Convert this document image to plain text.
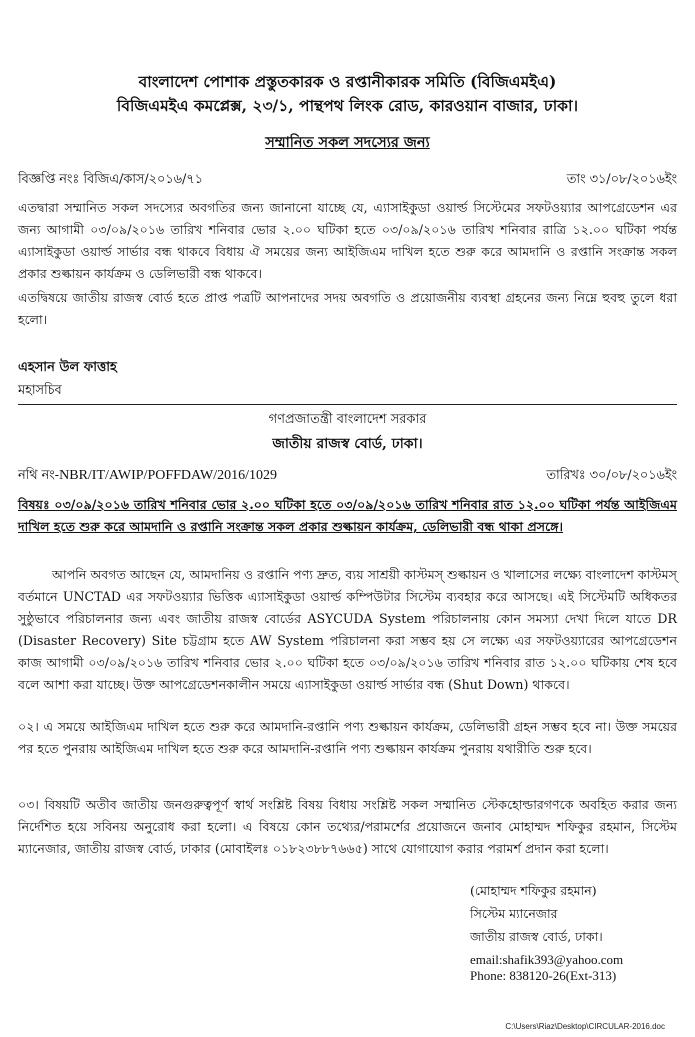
বাংলাদেশ পোশাক প্রস্তুতকারক ও রপ্তানীকারক সমিতি (বিজিএমইএ)
বিজিএমইএ কমপ্লেক্স, ২৩/১, পান্থপথ লিংক রোড, কারওয়ান বাজার, ঢাকা।
সম্মানিত সকল সদস্যের জন্য
বিজ্ঞপ্তি নংঃ বিজিএ/কাস/২০১৬/৭১	তাং ৩১/০৮/২০১৬ইং
এতদ্বারা সম্মানিত সকল সদস্যের অবগতির জন্য জানানো যাচ্ছে যে, এ্যাসাইকুডা ওয়ার্ল্ড সিস্টেমের সফটওয়্যার আপগ্রেডেশন এর জন্য আগামী ০৩/০৯/২০১৬ তারিখ শনিবার ভোর ২.০০ ঘটিকা হতে ০৩/০৯/২০১৬ তারিখ শনিবার রাত্রি ১২.০০ ঘটিকা পর্যন্ত এ্যাসাইকুডা ওয়ার্ল্ড সার্ভার বন্ধ থাকবে বিধায় ঐ সময়ের জন্য আইজিএম দাখিল হতে শুরু করে আমদানি ও রপ্তানি সংক্রান্ত সকল প্রকার শুল্কায়ন কার্যক্রম ও ডেলিভারী বন্ধ থাকবে।
এতদ্বিষয়ে জাতীয় রাজস্ব বোর্ড হতে প্রাপ্ত পত্রটি আপনাদের সদয় অবগতি ও প্রয়োজনীয় ব্যবস্থা গ্রহনের জন্য নিম্নে হুবহু তুলে ধরা হলো।
এহসান উল ফাত্তাহ
মহাসচিব
গণপ্রজাতন্ত্রী বাংলাদেশ সরকার
জাতীয় রাজস্ব বোর্ড, ঢাকা।
নথি নং-NBR/IT/AWIP/POFFDAW/2016/1029	তারিখঃ ৩০/০৮/২০১৬ইং
বিষয়ঃ ০৩/০৯/২০১৬ তারিখ শনিবার ভোর ২.০০ ঘটিকা হতে ০৩/০৯/২০১৬ তারিখ শনিবার রাত ১২.০০ ঘটিকা পর্যন্ত আইজিএম দাখিল হতে শুরু করে আমদানি ও রপ্তানি সংক্রান্ত সকল প্রকার শুল্কায়ন কার্যক্রম, ডেলিভারী বন্ধ থাকা প্রসঙ্গে।
আপনি অবগত আছেন যে, আমদানিয় ও রপ্তানি পণ্য দ্রুত, ব্যয় সাশ্রয়ী কাস্টমস্ শুল্কায়ন ও খালাসের লক্ষ্যে বাংলাদেশ কাস্টমস্ বর্তমানে UNCTAD এর সফটওয়্যার ভিত্তিক এ্যাসাইকুডা ওয়ার্ল্ড কম্পিউটার সিস্টেম ব্যবহার করে আসছে। এই সিস্টেমটি অধিকতর সুষ্ঠুভাবে পরিচালনার জন্য এবং জাতীয় রাজস্ব বোর্ডের ASYCUDA System পরিচালনায় কোন সমস্যা দেখা দিলে যাতে DR (Disaster Recovery) Site চট্টগ্রাম হতে AW System পরিচালনা করা সম্ভব হয় সে লক্ষ্যে এর সফটওয়্যারের আপগ্রেডেশন কাজ আগামী ০৩/০৯/২০১৬ তারিখ শনিবার ভোর ২.০০ ঘটিকা হতে ০৩/০৯/২০১৬ তারিখ শনিবার রাত ১২.০০ ঘটিকায় শেষ হবে বলে আশা করা যাচ্ছে। উক্ত আপগ্রেডেশনকালীন সময়ে এ্যাসাইকুডা ওয়ার্ল্ড সার্ভার বন্ধ (Shut Down) থাকবে।
০২। এ সময়ে আইজিএম দাখিল হতে শুরু করে আমদানি-রপ্তানি পণ্য শুল্কায়ন কার্যক্রম, ডেলিভারী গ্রহন সম্ভব হবে না। উক্ত সময়ের পর হতে পুনরায় আইজিএম দাখিল হতে শুরু করে আমদানি-রপ্তানি পণ্য শুল্কায়ন কার্যক্রম পুনরায় যথারীতি শুরু হবে।
০৩। বিষয়টি অতীব জাতীয় জনগুরুত্বপূর্ণ স্বার্থ সংশ্লিষ্ট বিষয় বিধায় সংশ্লিষ্ট সকল সম্মানিত স্টেকহোল্ডারগণকে অবহিত করার জন্য নির্দেশিত হয়ে সবিনয় অনুরোধ করা হলো। এ বিষয়ে কোন তথ্যের/পরামর্শের প্রয়োজনে জনাব মোহাম্মদ শফিকুর রহমান, সিস্টেম ম্যানেজার, জাতীয় রাজস্ব বোর্ড, ঢাকার (মোবাইলঃ ০১৮২৩৮৮৭৬৬৫) সাথে যোগাযোগ করার পরামর্শ প্রদান করা হলো।
(মোহাম্মদ শফিকুর রহমান)
সিস্টেম ম্যানেজার
জাতীয় রাজস্ব বোর্ড, ঢাকা।
email:shafik393@yahoo.com
Phone: 838120-26(Ext-313)
C:\Users\Riaz\Desktop\CIRCULAR-2016.doc
